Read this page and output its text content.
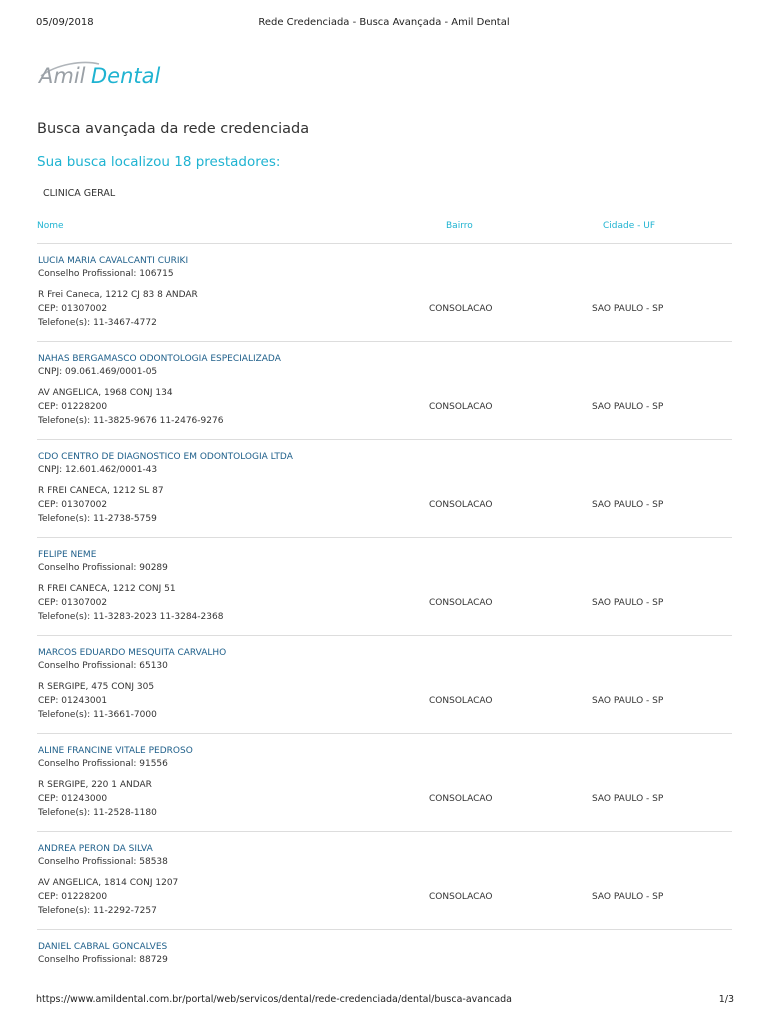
05/09/2018	Rede Credenciada - Busca Avançada - Amil Dental
Amil Dental
Busca avançada da rede credenciada
Sua busca localizou 18 prestadores:
CLINICA GERAL
Nome	Bairro	Cidade - UF
LUCIA MARIA CAVALCANTI CURIKI
Conselho Profissional: 106715
R Frei Caneca, 1212 CJ 83 8 ANDAR
CEP: 01307002
Telefone(s): 11-3467-4772
CONSOLACAO	SAO PAULO - SP
NAHAS BERGAMASCO ODONTOLOGIA ESPECIALIZADA
CNPJ: 09.061.469/0001-05
AV ANGELICA, 1968 CONJ 134
CEP: 01228200
Telefone(s): 11-3825-9676 11-2476-9276
CONSOLACAO	SAO PAULO - SP
CDO CENTRO DE DIAGNOSTICO EM ODONTOLOGIA LTDA
CNPJ: 12.601.462/0001-43
R FREI CANECA, 1212 SL 87
CEP: 01307002
Telefone(s): 11-2738-5759
CONSOLACAO	SAO PAULO - SP
FELIPE NEME
Conselho Profissional: 90289
R FREI CANECA, 1212 CONJ 51
CEP: 01307002
Telefone(s): 11-3283-2023 11-3284-2368
CONSOLACAO	SAO PAULO - SP
MARCOS EDUARDO MESQUITA CARVALHO
Conselho Profissional: 65130
R SERGIPE, 475 CONJ 305
CEP: 01243001
Telefone(s): 11-3661-7000
CONSOLACAO	SAO PAULO - SP
ALINE FRANCINE VITALE PEDROSO
Conselho Profissional: 91556
R SERGIPE, 220 1 ANDAR
CEP: 01243000
Telefone(s): 11-2528-1180
CONSOLACAO	SAO PAULO - SP
ANDREA PERON DA SILVA
Conselho Profissional: 58538
AV ANGELICA, 1814 CONJ 1207
CEP: 01228200
Telefone(s): 11-2292-7257
CONSOLACAO	SAO PAULO - SP
DANIEL CABRAL GONCALVES
Conselho Profissional: 88729
https://www.amildental.com.br/portal/web/servicos/dental/rede-credenciada/dental/busca-avancada	1/3
